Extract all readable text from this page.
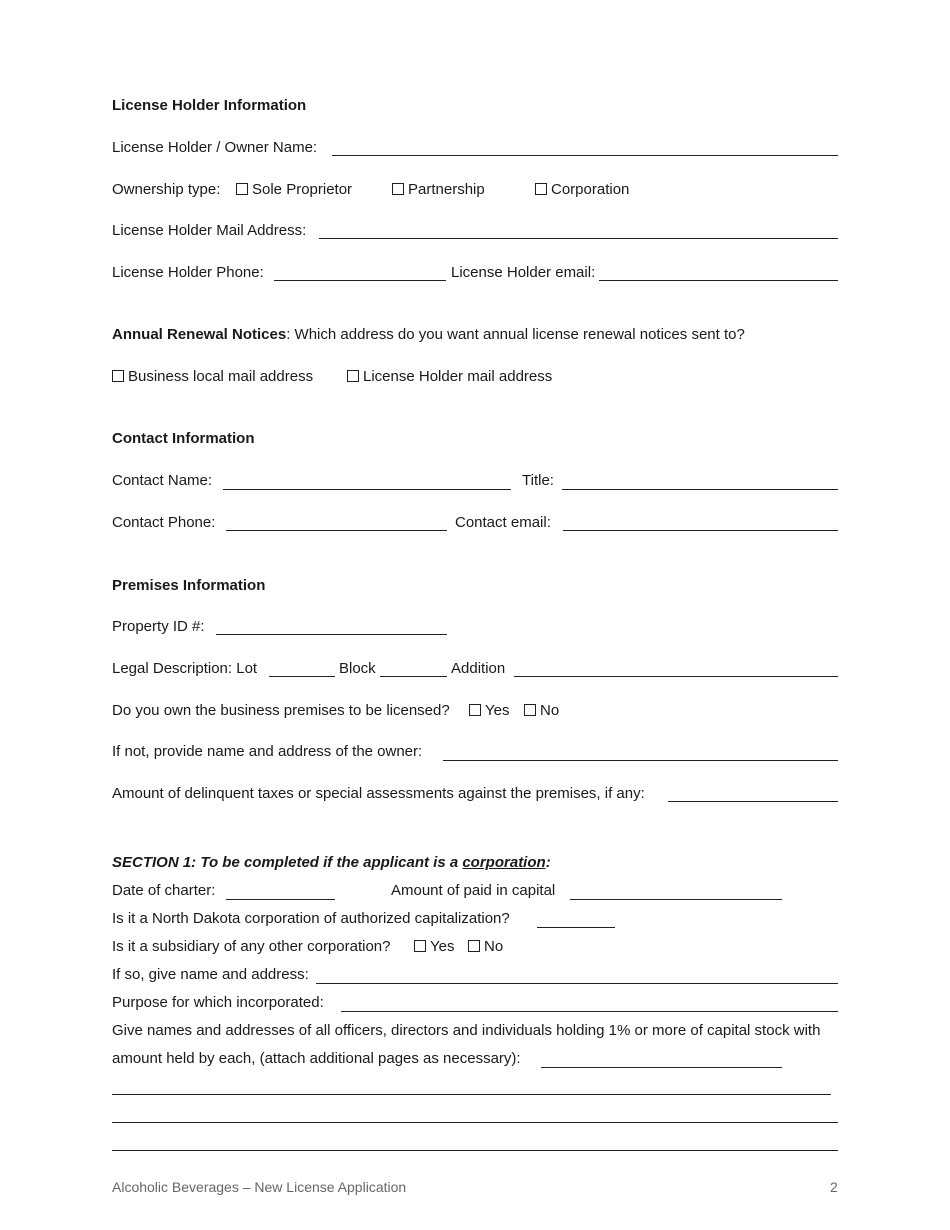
License Holder Information
License Holder / Owner Name:
Ownership type:	Sole Proprietor	Partnership	Corporation
License Holder Mail Address:
License Holder Phone:	License Holder email:
Annual Renewal Notices: Which address do you want annual license renewal notices sent to?
Business local mail address	License Holder mail address
Contact Information
Contact Name:	Title:
Contact Phone:	Contact email:
Premises Information
Property ID #:
Legal Description: Lot	Block	Addition
Do you own the business premises to be licensed?	Yes	No
If not, provide name and address of the owner:
Amount of delinquent taxes or special assessments against the premises, if any:
SECTION 1: To be completed if the applicant is a corporation:
Date of charter:	Amount of paid in capital
Is it a North Dakota corporation of authorized capitalization?
Is it a subsidiary of any other corporation?	Yes	No
If so, give name and address:
Purpose for which incorporated:
Give names and addresses of all officers, directors and individuals holding 1% or more of capital stock with
amount held by each, (attach additional pages as necessary):
Alcoholic Beverages – New License Application	2
